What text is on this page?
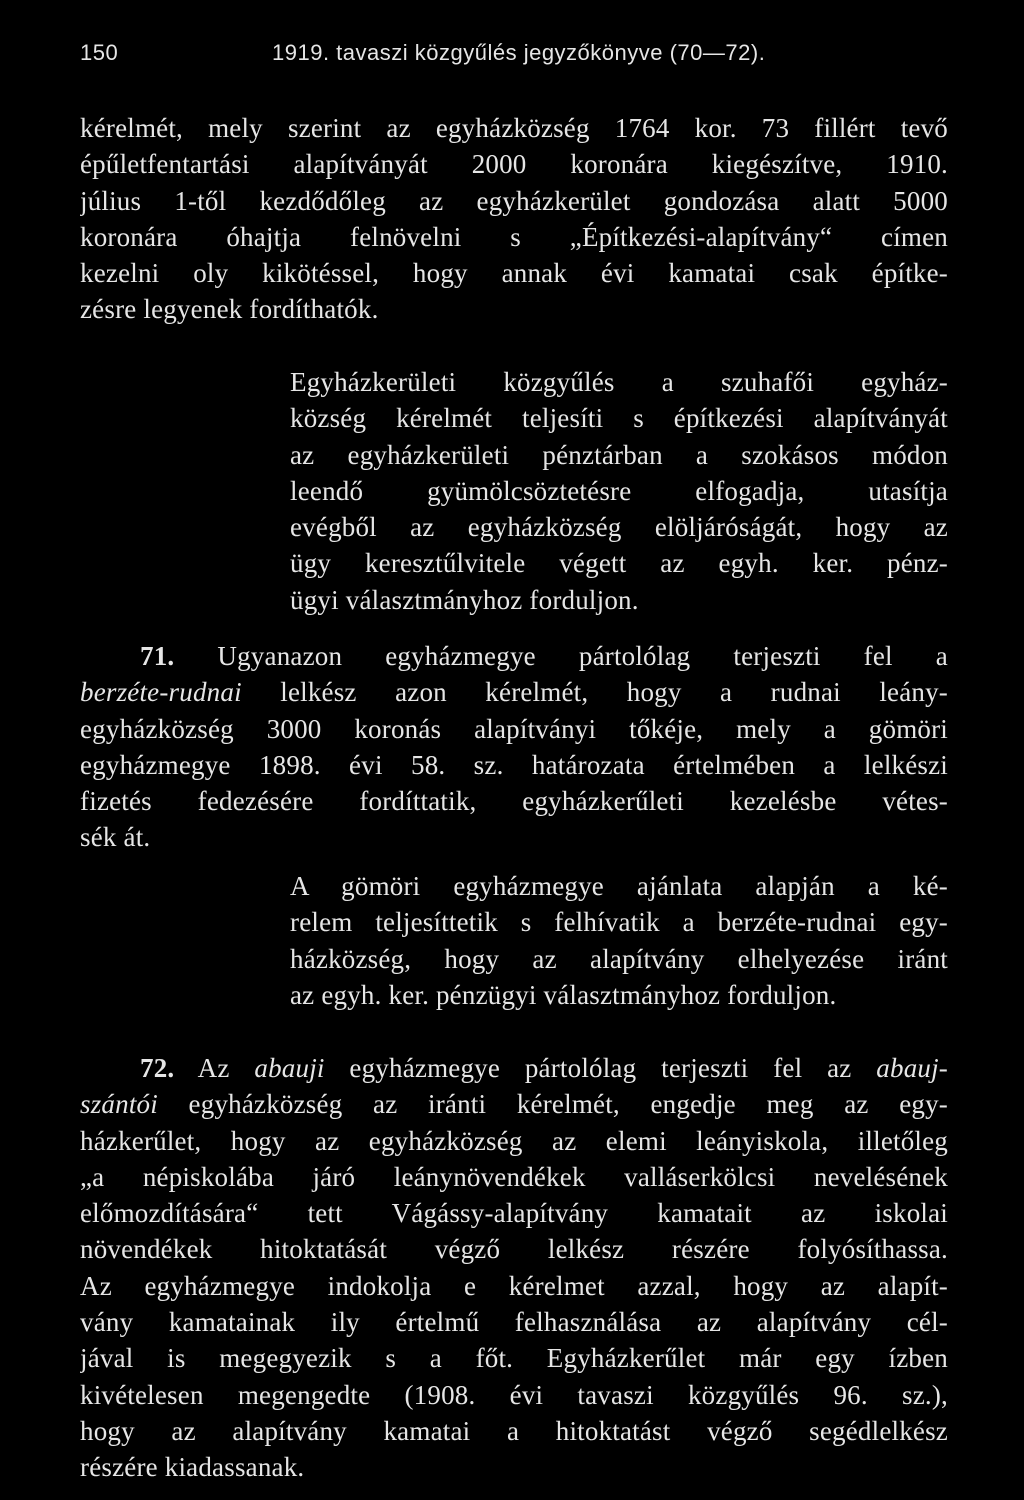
150	1919. tavaszi közgyűlés jegyzőkönyve (70—72).
kérelmét, mely szerint az egyházközség 1764 kor. 73 fillért tevő
épűletfentartási alapítványát 2000 koronára kiegészítve, 1910.
július 1-től kezdődőleg az egyházkerület gondozása alatt 5000
koronára óhajtja felnövelni s „Építkezési-alapítvány“ címen
kezelni oly kikötéssel, hogy annak évi kamatai csak építke-
zésre legyenek fordíthatók.
Egyházkerületi közgyűlés a szuhafői egyház-
község kérelmét teljesíti s építkezési alapítványát
az egyházkerületi pénztárban a szokásos módon
leendő gyümölcsöztetésre elfogadja, utasítja
evégből az egyházközség elöljáróságát, hogy az
ügy keresztűlvitele végett az egyh. ker. pénz-
ügyi választmányhoz forduljon.
71. Ugyanazon egyházmegye pártolólag terjeszti fel a
berzéte-rudnai lelkész azon kérelmét, hogy a rudnai leány-
egyházközség 3000 koronás alapítványi tőkéje, mely a gömöri
egyházmegye 1898. évi 58. sz. határozata értelmében a lelkészi
fizetés fedezésére fordíttatik, egyházkerűleti kezelésbe vétes-
sék át.
A gömöri egyházmegye ajánlata alapján a ké-
relem teljesíttetik s felhívatik a berzéte-rudnai egy-
házközség, hogy az alapítvány elhelyezése iránt
az egyh. ker. pénzügyi választmányhoz forduljon.
72. Az abauji egyházmegye pártolólag terjeszti fel az abauj-
szántói egyházközség az iránti kérelmét, engedje meg az egy-
házkerűlet, hogy az egyházközség az elemi leányiskola, illetőleg
„a népiskolába járó leánynövendékek valláserkölcsi nevelésének
előmozdítására“ tett Vágássy-alapítvány kamatait az iskolai
növendékek hitoktatását végző lelkész részére folyósíthassa.
Az egyházmegye indokolja e kérelmet azzal, hogy az alapít-
vány kamatainak ily értelmű felhasználása az alapítvány cél-
jával is megegyezik s a főt. Egyházkerűlet már egy ízben
kivételesen megengedte (1908. évi tavaszi közgyűlés 96. sz.),
hogy az alapítvány kamatai a hitoktatást végző segédlelkész
részére kiadassanak.
